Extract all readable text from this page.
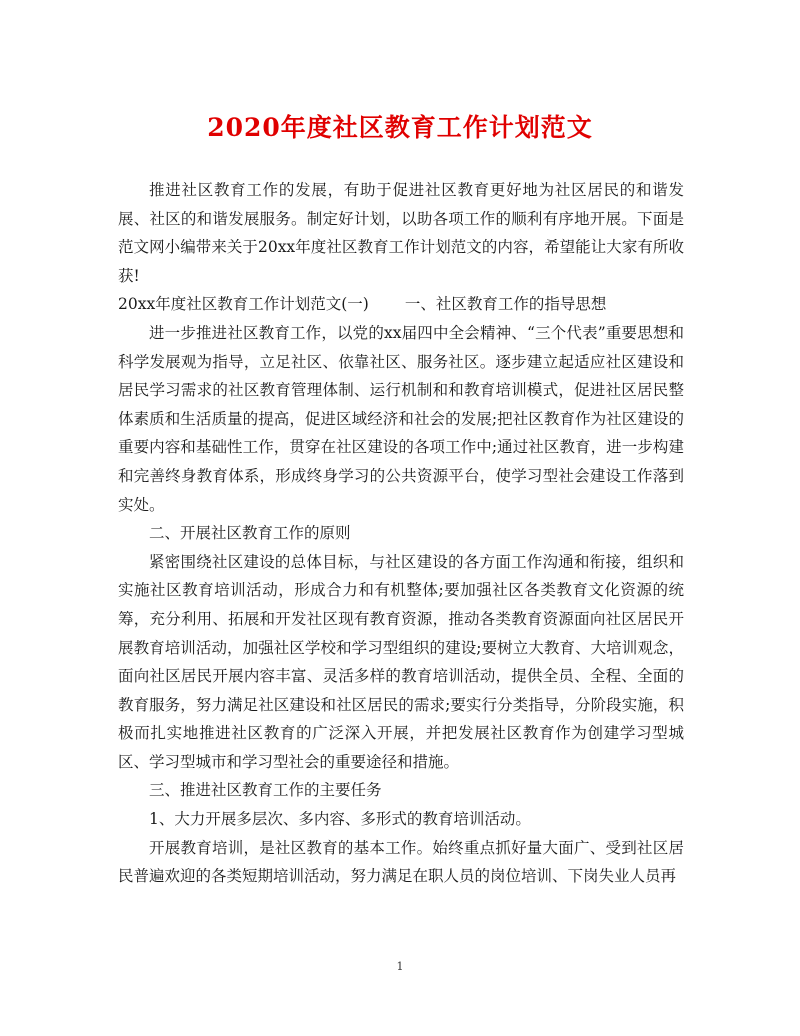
2020年度社区教育工作计划范文

推进社区教育工作的发展，有助于促进社区教育更好地为社区居民的和谐发展、社区的和谐发展服务。制定好计划，以助各项工作的顺利有序地开展。下面是范文网小编带来关于20xx年度社区教育工作计划范文的内容，希望能让大家有所收获!

20xx年度社区教育工作计划范文(一) 一、社区教育工作的指导思想

进一步推进社区教育工作，以党的xx届四中全会精神、“三个代表”重要思想和科学发展观为指导，立足社区、依靠社区、服务社区。逐步建立起适应社区建设和居民学习需求的社区教育管理体制、运行机制和和教育培训模式，促进社区居民整体素质和生活质量的提高，促进区域经济和社会的发展;把社区教育作为社区建设的重要内容和基础性工作，贯穿在社区建设的各项工作中;通过社区教育，进一步构建和完善终身教育体系，形成终身学习的公共资源平台，使学习型社会建设工作落到实处。

二、开展社区教育工作的原则

紧密围绕社区建设的总体目标，与社区建设的各方面工作沟通和衔接，组织和实施社区教育培训活动，形成合力和有机整体;要加强社区各类教育文化资源的统筹，充分利用、拓展和开发社区现有教育资源，推动各类教育资源面向社区居民开展教育培训活动，加强社区学校和学习型组织的建设;要树立大教育、大培训观念，面向社区居民开展内容丰富、灵活多样的教育培训活动，提供全员、全程、全面的教育服务，努力满足社区建设和社区居民的需求;要实行分类指导，分阶段实施，积极而扎实地推进社区教育的广泛深入开展，并把发展社区教育作为创建学习型城区、学习型城市和学习型社会的重要途径和措施。

三、推进社区教育工作的主要任务

1、大力开展多层次、多内容、多形式的教育培训活动。

开展教育培训，是社区教育的基本工作。始终重点抓好量大面广、受到社区居民普遍欢迎的各类短期培训活动，努力满足在职人员的岗位培训、下岗失业人员再

1
